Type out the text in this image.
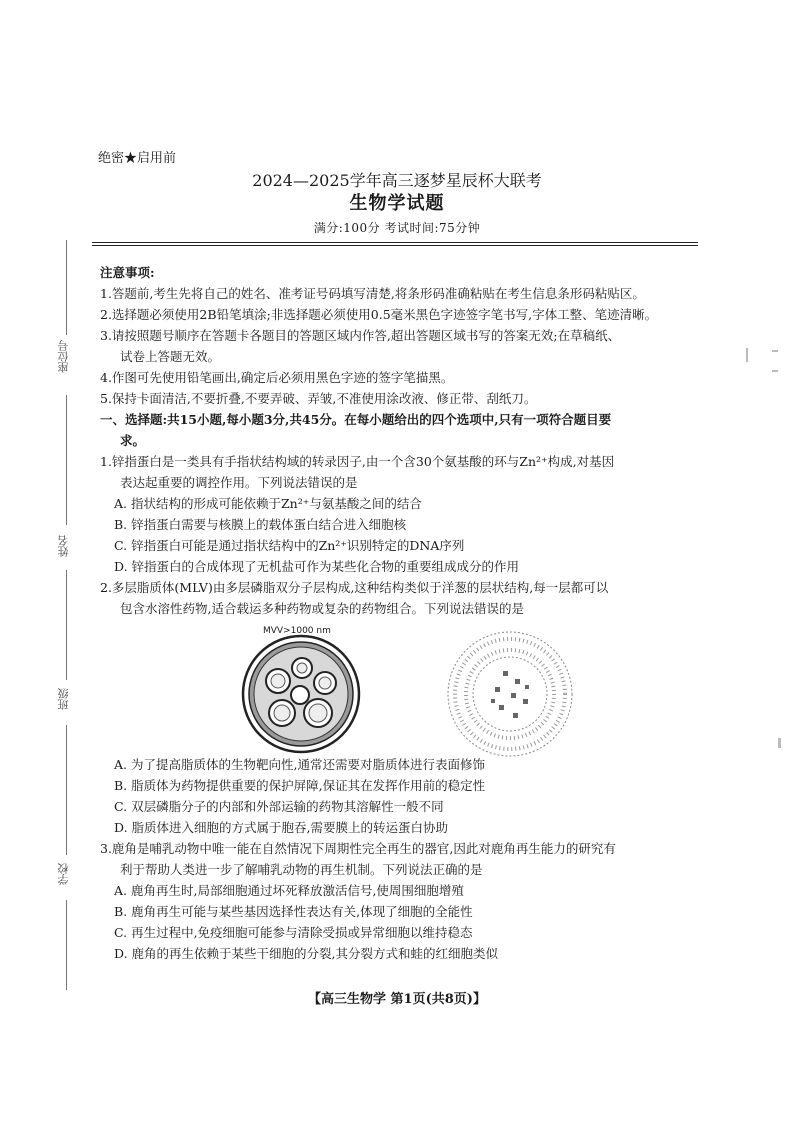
座位号
姓名
班级
学校
绝密★启用前
2024—2025学年高三逐梦星辰杯大联考
生物学试题
满分:100分 考试时间:75分钟

注意事项:

1.答题前,考生先将自己的姓名、准考证号码填写清楚,将条形码准确粘贴在考生信息条形码粘贴区。

2.选择题必须使用2B铅笔填涂;非选择题必须使用0.5毫米黑色字迹签字笔书写,字体工整、笔迹清晰。

3.请按照题号顺序在答题卡各题目的答题区域内作答,超出答题区域书写的答案无效;在草稿纸、

试卷上答题无效。

4.作图可先使用铅笔画出,确定后必须用黑色字迹的签字笔描黑。

5.保持卡面清洁,不要折叠,不要弄破、弄皱,不准使用涂改液、修正带、刮纸刀。

一、选择题:共15小题,每小题3分,共45分。在每小题给出的四个选项中,只有一项符合题目要

求。

1.锌指蛋白是一类具有手指状结构域的转录因子,由一个含30个氨基酸的环与Zn²⁺构成,对基因

表达起重要的调控作用。下列说法错误的是

A. 指状结构的形成可能依赖于Zn²⁺与氨基酸之间的结合

B. 锌指蛋白需要与核膜上的载体蛋白结合进入细胞核

C. 锌指蛋白可能是通过指状结构中的Zn²⁺识别特定的DNA序列

D. 锌指蛋白的合成体现了无机盐可作为某些化合物的重要组成成分的作用

2.多层脂质体(MLV)由多层磷脂双分子层构成,这种结构类似于洋葱的层状结构,每一层都可以

包含水溶性药物,适合载运多种药物或复杂的药物组合。下列说法错误的是

MVV>1000 nm

A. 为了提高脂质体的生物靶向性,通常还需要对脂质体进行表面修饰

B. 脂质体为药物提供重要的保护屏障,保证其在发挥作用前的稳定性

C. 双层磷脂分子的内部和外部运输的药物其溶解性一般不同

D. 脂质体进入细胞的方式属于胞吞,需要膜上的转运蛋白协助

3.鹿角是哺乳动物中唯一能在自然情况下周期性完全再生的器官,因此对鹿角再生能力的研究有

利于帮助人类进一步了解哺乳动物的再生机制。下列说法正确的是

A. 鹿角再生时,局部细胞通过坏死释放激活信号,使周围细胞增殖

B. 鹿角再生可能与某些基因选择性表达有关,体现了细胞的全能性

C. 再生过程中,免疫细胞可能参与清除受损或异常细胞以维持稳态

D. 鹿角的再生依赖于某些干细胞的分裂,其分裂方式和蛙的红细胞类似

【高三生物学 第1页(共8页)】
